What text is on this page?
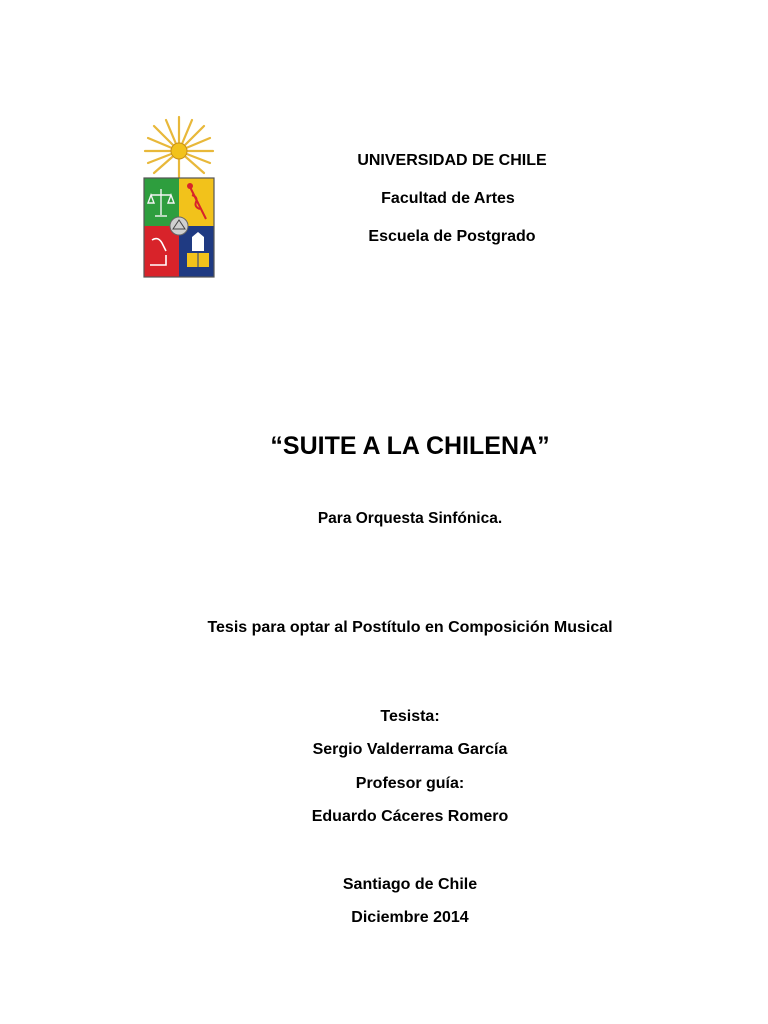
UNIVERSIDAD DE CHILE
Facultad de Artes
Escuela de Postgrado
“SUITE A LA CHILENA”
Para Orquesta Sinfónica.
Tesis para optar al Postítulo en Composición Musical
Tesista:
Sergio Valderrama García
Profesor guía:
Eduardo Cáceres Romero
Santiago de Chile
Diciembre 2014
